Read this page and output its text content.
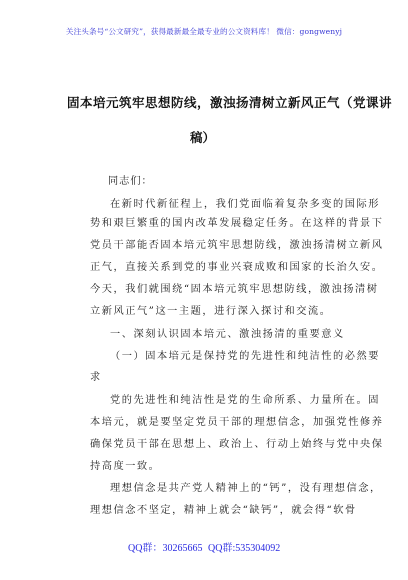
关注头条号“公文研究”，获得最新最全最专业的公文资料库！ 微信：gongwenyj
固本培元筑牢思想防线，激浊扬清树立新风正气（党课讲
稿）
同志们：
在新时代新征程上，我们党面临着复杂多变的国际形
势和艰巨繁重的国内改革发展稳定任务。在这样的背景下
党员干部能否固本培元筑牢思想防线，激浊扬清树立新风
正气，直接关系到党的事业兴衰成败和国家的长治久安。
今天，我们就围绕“固本培元筑牢思想防线，激浊扬清树
立新风正气”这一主题，进行深入探讨和交流。
一、深刻认识固本培元、激浊扬清的重要意义
（一）固本培元是保持党的先进性和纯洁性的必然要
求
党的先进性和纯洁性是党的生命所系、力量所在。固
本培元，就是要坚定党员干部的理想信念，加强党性修养
确保党员干部在思想上、政治上、行动上始终与党中央保
持高度一致。
理想信念是共产党人精神上的“钙”，没有理想信念，
理想信念不坚定，精神上就会“缺钙”，就会得“软骨
QQ群：30265665 QQ群:535304092
